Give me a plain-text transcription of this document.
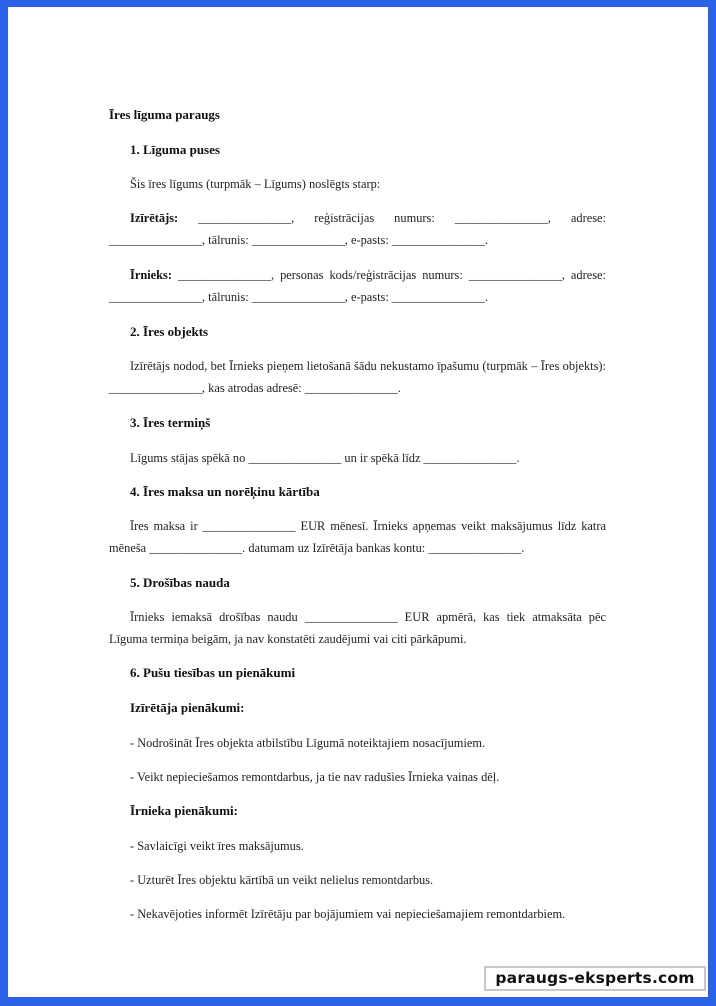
Īres līguma paraugs
1. Līguma puses
Šis īres līgums (turpmāk – Līgums) noslēgts starp:
Izīrētājs: _______________, reģistrācijas numurs: _______________, adrese: _______________, tālrunis: _______________, e-pasts: _______________.
Īrnieks: _______________, personas kods/reģistrācijas numurs: _______________, adrese: _______________, tālrunis: _______________, e-pasts: _______________.
2. Īres objekts
Izīrētājs nodod, bet Īrnieks pieņem lietošanā šādu nekustamo īpašumu (turpmāk – Īres objekts): _______________, kas atrodas adresē: _______________.
3. Īres termiņš
Līgums stājas spēkā no _______________ un ir spēkā līdz _______________.
4. Īres maksa un norēķinu kārtība
Īres maksa ir _______________ EUR mēnesī. Īrnieks apņemas veikt maksājumus līdz katra mēneša _______________. datumam uz Izīrētāja bankas kontu: _______________.
5. Drošības nauda
Īrnieks iemaksā drošības naudu _______________ EUR apmērā, kas tiek atmaksāta pēc Līguma termiņa beigām, ja nav konstatēti zaudējumi vai citi pārkāpumi.
6. Pušu tiesības un pienākumi
Izīrētāja pienākumi:
- Nodrošināt Īres objekta atbilstību Līgumā noteiktajiem nosacījumiem.
- Veikt nepieciešamos remontdarbus, ja tie nav radušies Īrnieka vainas dēļ.
Īrnieka pienākumi:
- Savlaicīgi veikt īres maksājumus.
- Uzturēt Īres objektu kārtībā un veikt nelielus remontdarbus.
- Nekavējoties informēt Izīrētāju par bojājumiem vai nepieciešamajiem remontdarbiem.
paraugs-eksperts.com
